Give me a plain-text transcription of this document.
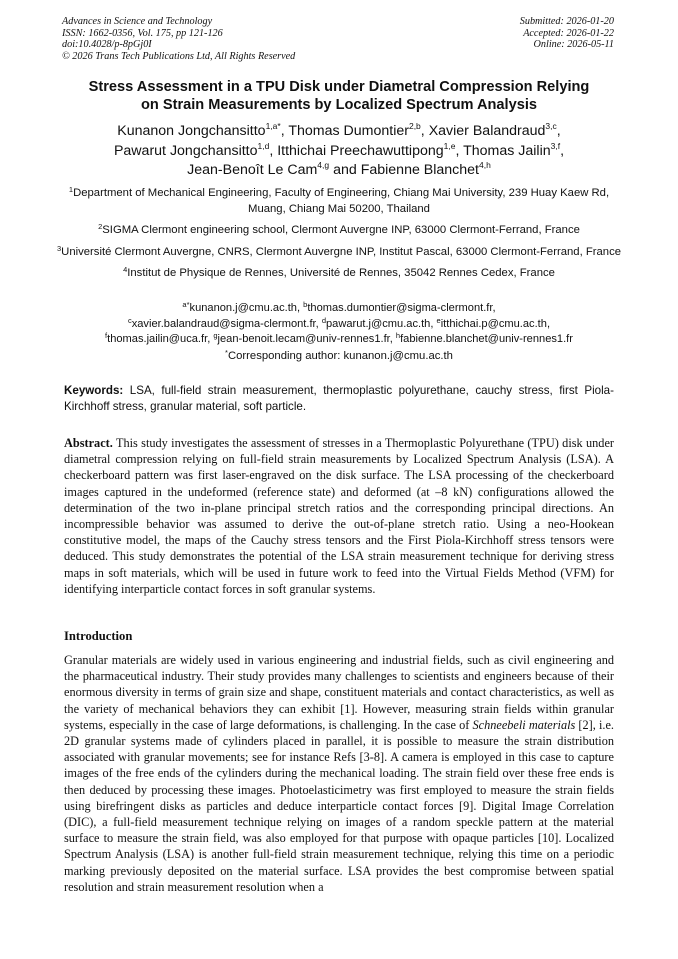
Advances in Science and Technology
ISSN: 1662-0356, Vol. 175, pp 121-126
doi:10.4028/p-8pGj0I
© 2026 Trans Tech Publications Ltd, All Rights Reserved
Submitted: 2026-01-20
Accepted: 2026-01-22
Online: 2026-05-11
Stress Assessment in a TPU Disk under Diametral Compression Relying
on Strain Measurements by Localized Spectrum Analysis
Kunanon Jongchansitto$^{1,a*}$, Thomas Dumontier$^{2,b}$, Xavier Balandraud$^{3,c}$,
Pawarut Jongchansitto$^{1,d}$, Itthichai Preechawuttipong$^{1,e}$, Thomas Jailin$^{3,f}$,
Jean-Benoît Le Cam$^{4,g}$ and Fabienne Blanchet$^{4,h}$
$^1$Department of Mechanical Engineering, Faculty of Engineering, Chiang Mai University, 239 Huay Kaew Rd, Muang, Chiang Mai 50200, Thailand
$^2$SIGMA Clermont engineering school, Clermont Auvergne INP, 63000 Clermont-Ferrand, France
$^3$Université Clermont Auvergne, CNRS, Clermont Auvergne INP, Institut Pascal, 63000 Clermont-Ferrand, France
$^4$Institut de Physique de Rennes, Université de Rennes, 35042 Rennes Cedex, France
$^{a*}$kunanon.j@cmu.ac.th, $^b$thomas.dumontier@sigma-clermont.fr,
$^c$xavier.balandraud@sigma-clermont.fr, $^d$pawarut.j@cmu.ac.th, $^e$itthichai.p@cmu.ac.th,
$^f$thomas.jailin@uca.fr, $^g$jean-benoit.lecam@univ-rennes1.fr, $^h$fabienne.blanchet@univ-rennes1.fr
*Corresponding author: kunanon.j@cmu.ac.th
Keywords: LSA, full-field strain measurement, thermoplastic polyurethane, cauchy stress, first Piola-Kirchhoff stress, granular material, soft particle.
Abstract. This study investigates the assessment of stresses in a Thermoplastic Polyurethane (TPU) disk under diametral compression relying on full-field strain measurements by Localized Spectrum Analysis (LSA). A checkerboard pattern was first laser-engraved on the disk surface. The LSA processing of the checkerboard images captured in the undeformed (reference state) and deformed (at –8 kN) configurations allowed the determination of the two in-plane principal stretch ratios and the corresponding principal directions. An incompressible behavior was assumed to derive the out-of-plane stretch ratio. Using a neo-Hookean constitutive model, the maps of the Cauchy stress tensors and the First Piola-Kirchhoff stress tensors were deduced. This study demonstrates the potential of the LSA strain measurement technique for deriving stress maps in soft materials, which will be used in future work to feed into the Virtual Fields Method (VFM) for identifying interparticle contact forces in soft granular systems.
Introduction
Granular materials are widely used in various engineering and industrial fields, such as civil engineering and the pharmaceutical industry. Their study provides many challenges to scientists and engineers because of their enormous diversity in terms of grain size and shape, constituent materials and contact characteristics, as well as the variety of mechanical behaviors they can exhibit [1]. However, measuring strain fields within granular systems, especially in the case of large deformations, is challenging. In the case of Schneebeli materials [2], i.e. 2D granular systems made of cylinders placed in parallel, it is possible to measure the strain distribution associated with granular movements; see for instance Refs [3-8]. A camera is employed in this case to capture images of the free ends of the cylinders during the mechanical loading. The strain field over these free ends is then deduced by processing these images. Photoelasticimetry was first employed to measure the strain fields using birefringent disks as particles and deduce interparticle contact forces [9]. Digital Image Correlation (DIC), a full-field measurement technique relying on images of a random speckle pattern at the material surface to measure the strain field, was also employed for that purpose with opaque particles [10]. Localized Spectrum Analysis (LSA) is another full-field strain measurement technique, relying this time on a periodic marking previously deposited on the material surface. LSA provides the best compromise between spatial resolution and strain measurement resolution when a
